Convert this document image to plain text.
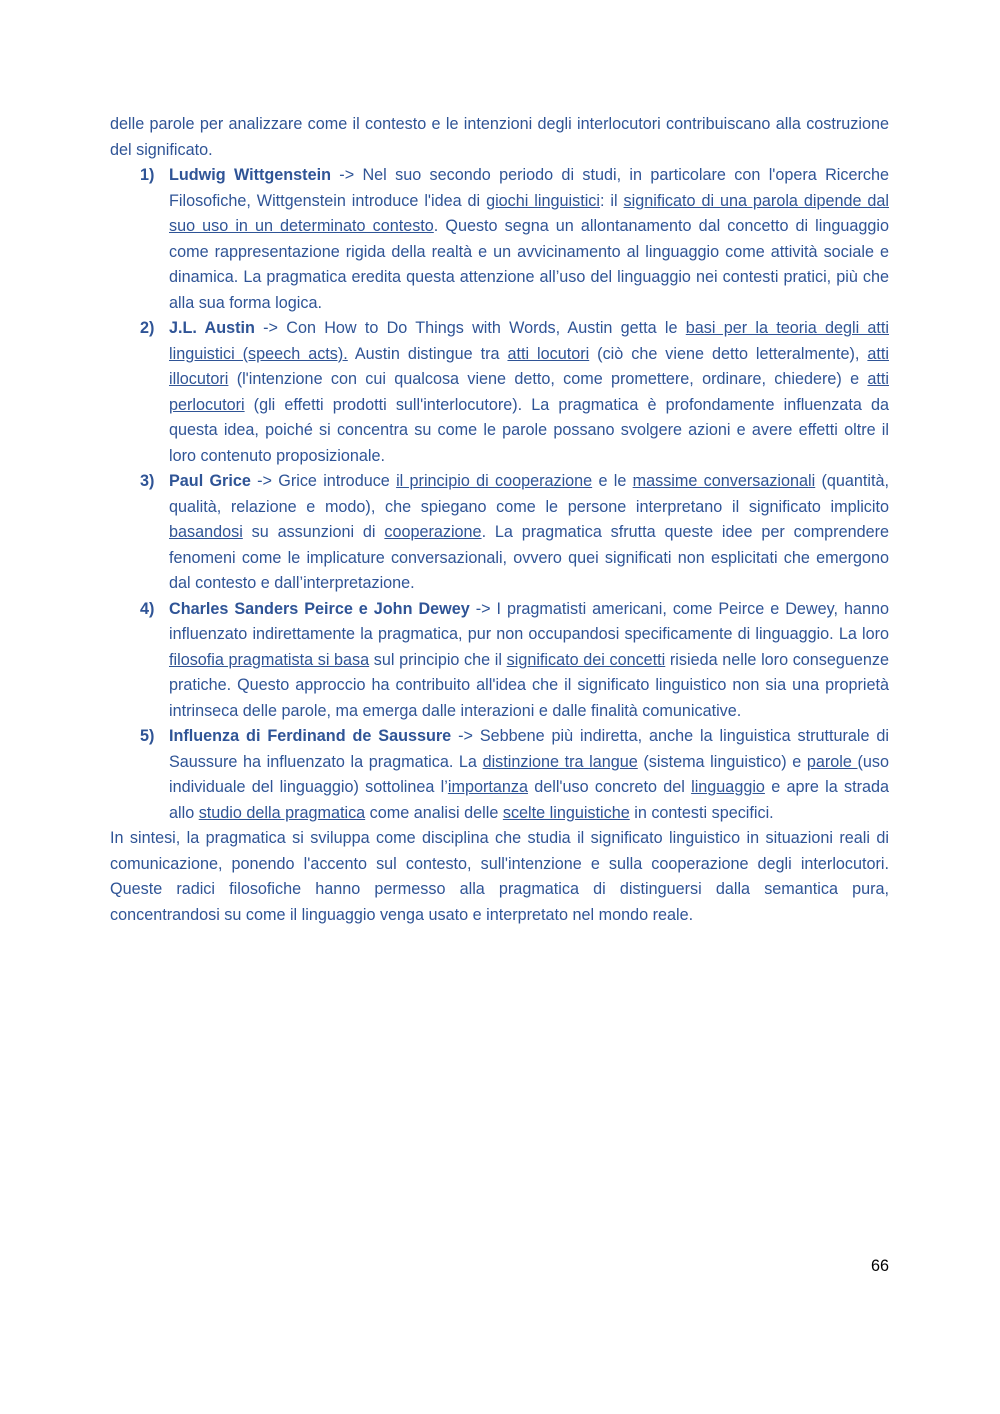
delle parole per analizzare come il contesto e le intenzioni degli interlocutori contribuiscano alla costruzione del significato.

1) Ludwig Wittgenstein -> Nel suo secondo periodo di studi, in particolare con l'opera Ricerche Filosofiche, Wittgenstein introduce l'idea di giochi linguistici: il significato di una parola dipende dal suo uso in un determinato contesto. Questo segna un allontanamento dal concetto di linguaggio come rappresentazione rigida della realtà e un avvicinamento al linguaggio come attività sociale e dinamica. La pragmatica eredita questa attenzione all’uso del linguaggio nei contesti pratici, più che alla sua forma logica.
2) J.L. Austin -> Con How to Do Things with Words, Austin getta le basi per la teoria degli atti linguistici (speech acts). Austin distingue tra atti locutori (ciò che viene detto letteralmente), atti illocutori (l'intenzione con cui qualcosa viene detto, come promettere, ordinare, chiedere) e atti perlocutori (gli effetti prodotti sull'interlocutore). La pragmatica è profondamente influenzata da questa idea, poiché si concentra su come le parole possano svolgere azioni e avere effetti oltre il loro contenuto proposizionale.
3) Paul Grice -> Grice introduce il principio di cooperazione e le massime conversazionali (quantità, qualità, relazione e modo), che spiegano come le persone interpretano il significato implicito basandosi su assunzioni di cooperazione. La pragmatica sfrutta queste idee per comprendere fenomeni come le implicature conversazionali, ovvero quei significati non esplicitati che emergono dal contesto e dall’interpretazione.
4) Charles Sanders Peirce e John Dewey -> I pragmatisti americani, come Peirce e Dewey, hanno influenzato indirettamente la pragmatica, pur non occupandosi specificamente di linguaggio. La loro filosofia pragmatista si basa sul principio che il significato dei concetti risieda nelle loro conseguenze pratiche. Questo approccio ha contribuito all'idea che il significato linguistico non sia una proprietà intrinseca delle parole, ma emerga dalle interazioni e dalle finalità comunicative.
5) Influenza di Ferdinand de Saussure -> Sebbene più indiretta, anche la linguistica strutturale di Saussure ha influenzato la pragmatica. La distinzione tra langue (sistema linguistico) e parole (uso individuale del linguaggio) sottolinea l’importanza dell'uso concreto del linguaggio e apre la strada allo studio della pragmatica come analisi delle scelte linguistiche in contesti specifici.

In sintesi, la pragmatica si sviluppa come disciplina che studia il significato linguistico in situazioni reali di comunicazione, ponendo l'accento sul contesto, sull'intenzione e sulla cooperazione degli interlocutori. Queste radici filosofiche hanno permesso alla pragmatica di distinguersi dalla semantica pura, concentrandosi su come il linguaggio venga usato e interpretato nel mondo reale.

66
